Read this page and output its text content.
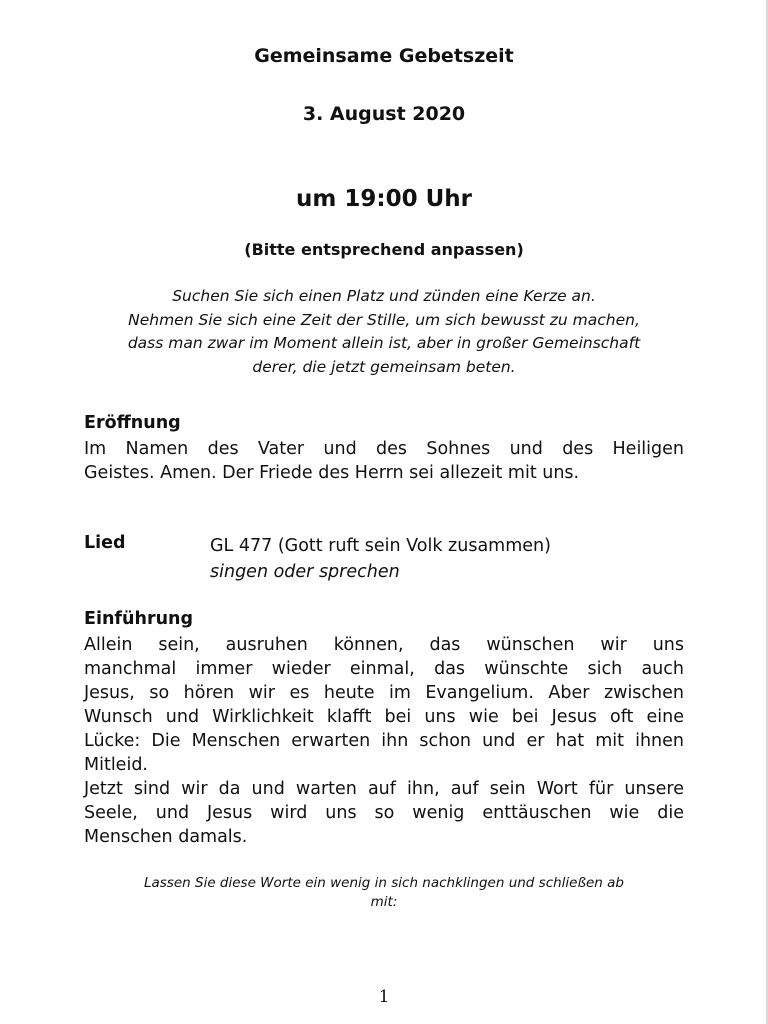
Gemeinsame Gebetszeit
3. August 2020
um 19:00 Uhr

(Bitte entsprechend anpassen)

Suchen Sie sich einen Platz und zünden eine Kerze an.
Nehmen Sie sich eine Zeit der Stille, um sich bewusst zu machen,
dass man zwar im Moment allein ist, aber in großer Gemeinschaft
derer, die jetzt gemeinsam beten.

Eröffnung

Im Namen des Vater und des Sohnes und des Heiligen
Geistes. Amen. Der Friede des Herrn sei allezeit mit uns.

Lied	GL 477 (Gott ruft sein Volk zusammen)
singen oder sprechen

Einführung

Allein sein, ausruhen können, das wünschen wir uns
manchmal immer wieder einmal, das wünschte sich auch
Jesus, so hören wir es heute im Evangelium. Aber zwischen
Wunsch und Wirklichkeit klafft bei uns wie bei Jesus oft eine
Lücke: Die Menschen erwarten ihn schon und er hat mit ihnen
Mitleid.
Jetzt sind wir da und warten auf ihn, auf sein Wort für unsere
Seele, und Jesus wird uns so wenig enttäuschen wie die
Menschen damals.

Lassen Sie diese Worte ein wenig in sich nachklingen und schließen ab
mit:

1
